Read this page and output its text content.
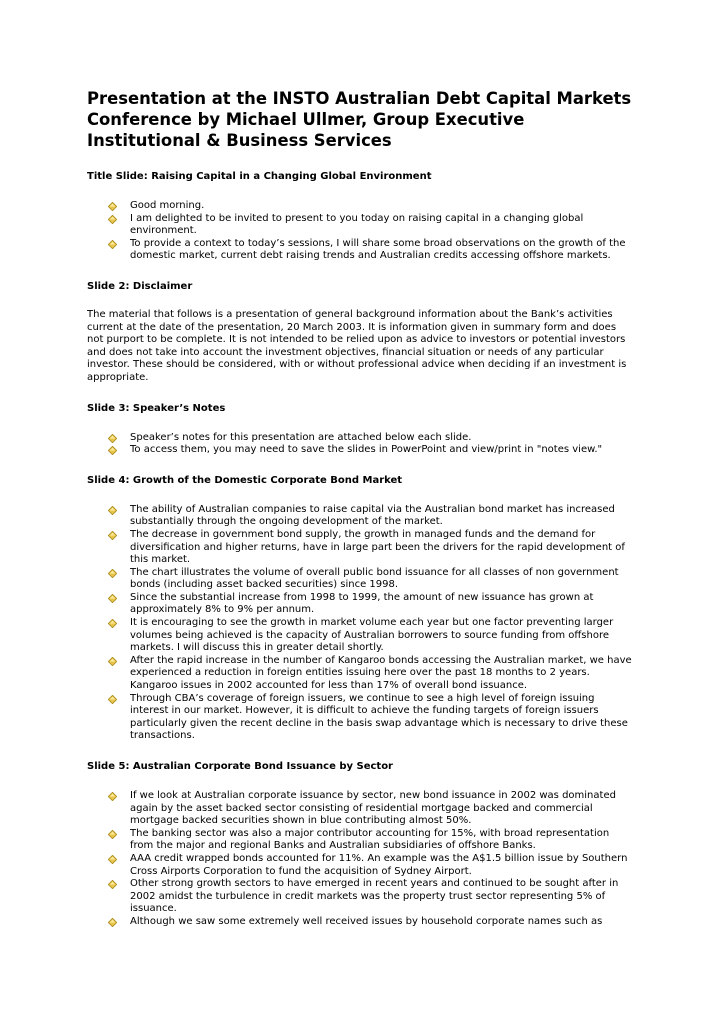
Presentation at the INSTO Australian Debt Capital Markets Conference by Michael Ullmer, Group Executive Institutional & Business Services
Title Slide: Raising Capital in a Changing Global Environment
Good morning.
I am delighted to be invited to present to you today on raising capital in a changing global environment.
To provide a context to today’s sessions, I will share some broad observations on the growth of the domestic market, current debt raising trends and Australian credits accessing offshore markets.
Slide 2: Disclaimer

The material that follows is a presentation of general background information about the Bank’s activities current at the date of the presentation, 20 March 2003. It is information given in summary form and does not purport to be complete. It is not intended to be relied upon as advice to investors or potential investors and does not take into account the investment objectives, financial situation or needs of any particular investor. These should be considered, with or without professional advice when deciding if an investment is appropriate.

Slide 3: Speaker’s Notes
Speaker’s notes for this presentation are attached below each slide.
To access them, you may need to save the slides in PowerPoint and view/print in "notes view."
Slide 4: Growth of the Domestic Corporate Bond Market
The ability of Australian companies to raise capital via the Australian bond market has increased substantially through the ongoing development of the market.
The decrease in government bond supply, the growth in managed funds and the demand for diversification and higher returns, have in large part been the drivers for the rapid development of this market.
The chart illustrates the volume of overall public bond issuance for all classes of non government bonds (including asset backed securities) since 1998.
Since the substantial increase from 1998 to 1999, the amount of new issuance has grown at approximately 8% to 9% per annum.
It is encouraging to see the growth in market volume each year but one factor preventing larger volumes being achieved is the capacity of Australian borrowers to source funding from offshore markets. I will discuss this in greater detail shortly.
After the rapid increase in the number of Kangaroo bonds accessing the Australian market, we have experienced a reduction in foreign entities issuing here over the past 18 months to 2 years. Kangaroo issues in 2002 accounted for less than 17% of overall bond issuance.
Through CBA’s coverage of foreign issuers, we continue to see a high level of foreign issuing interest in our market. However, it is difficult to achieve the funding targets of foreign issuers particularly given the recent decline in the basis swap advantage which is necessary to drive these transactions.
Slide 5: Australian Corporate Bond Issuance by Sector
If we look at Australian corporate issuance by sector, new bond issuance in 2002 was dominated again by the asset backed sector consisting of residential mortgage backed and commercial mortgage backed securities shown in blue contributing almost 50%.
The banking sector was also a major contributor accounting for 15%, with broad representation from the major and regional Banks and Australian subsidiaries of offshore Banks.
AAA credit wrapped bonds accounted for 11%. An example was the A$1.5 billion issue by Southern Cross Airports Corporation to fund the acquisition of Sydney Airport.
Other strong growth sectors to have emerged in recent years and continued to be sought after in 2002 amidst the turbulence in credit markets was the property trust sector representing 5% of issuance.
Although we saw some extremely well received issues by household corporate names such as
